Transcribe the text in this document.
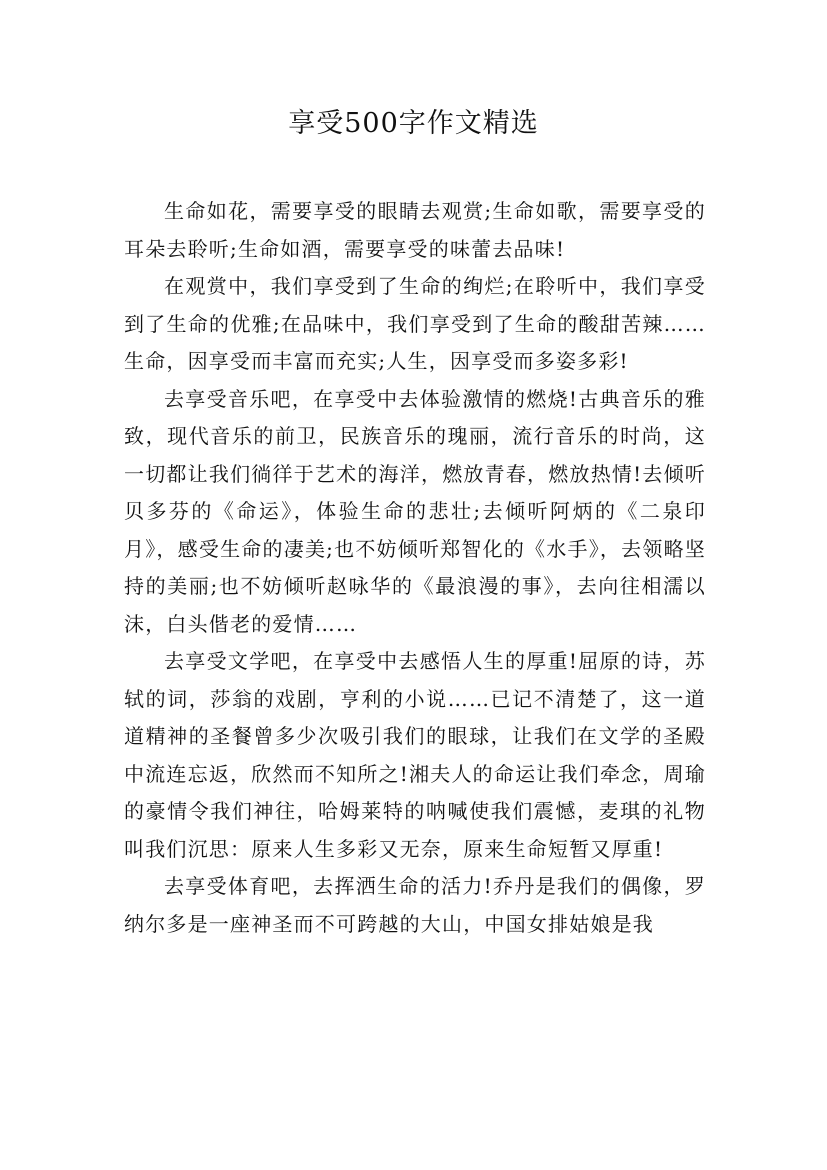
享受500字作文精选

生命如花，需要享受的眼睛去观赏;生命如歌，需要享受的耳朵去聆听;生命如酒，需要享受的味蕾去品味!

在观赏中，我们享受到了生命的绚烂;在聆听中，我们享受到了生命的优雅;在品味中，我们享受到了生命的酸甜苦辣……生命，因享受而丰富而充实;人生，因享受而多姿多彩!

去享受音乐吧，在享受中去体验激情的燃烧!古典音乐的雅致，现代音乐的前卫，民族音乐的瑰丽，流行音乐的时尚，这一切都让我们徜徉于艺术的海洋，燃放青春，燃放热情!去倾听贝多芬的《命运》，体验生命的悲壮;去倾听阿炳的《二泉印月》，感受生命的凄美;也不妨倾听郑智化的《水手》，去领略坚持的美丽;也不妨倾听赵咏华的《最浪漫的事》，去向往相濡以沫，白头偕老的爱情……

去享受文学吧，在享受中去感悟人生的厚重!屈原的诗，苏轼的词，莎翁的戏剧，亨利的小说……已记不清楚了，这一道道精神的圣餐曾多少次吸引我们的眼球，让我们在文学的圣殿中流连忘返，欣然而不知所之!湘夫人的命运让我们牵念，周瑜的豪情令我们神往，哈姆莱特的呐喊使我们震憾，麦琪的礼物叫我们沉思：原来人生多彩又无奈，原来生命短暂又厚重!

去享受体育吧，去挥洒生命的活力!乔丹是我们的偶像，罗纳尔多是一座神圣而不可跨越的大山，中国女排姑娘是我
